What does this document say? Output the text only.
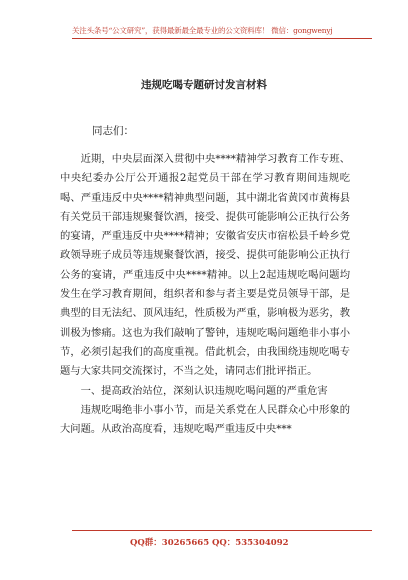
关注头条号“公文研究”，获得最新最全最专业的公文资料库！ 微信：gongwenyj
违规吃喝专题研讨发言材料
同志们：

近期，中央层面深入贯彻中央****精神学习教育工作专班、中央纪委办公厅公开通报2起党员干部在学习教育期间违规吃喝、严重违反中央****精神典型问题，其中湖北省黄冈市黄梅县有关党员干部违规聚餐饮酒，接受、提供可能影响公正执行公务的宴请，严重违反中央****精神；安徽省安庆市宿松县千岭乡党政领导班子成员等违规聚餐饮酒，接受、提供可能影响公正执行公务的宴请，严重违反中央****精神。以上2起违规吃喝问题均发生在学习教育期间，组织者和参与者主要是党员领导干部，是典型的目无法纪、顶风违纪，性质极为严重，影响极为恶劣，教训极为惨痛。这也为我们敲响了警钟，违规吃喝问题绝非小事小节，必须引起我们的高度重视。借此机会，由我围绕违规吃喝专题与大家共同交流探讨，不当之处，请同志们批评指正。

一、提高政治站位，深刻认识违规吃喝问题的严重危害

违规吃喝绝非小事小节，而是关系党在人民群众心中形象的大问题。从政治高度看，违规吃喝严重违反中央***

QQ群：30265665 QQ：535304092
